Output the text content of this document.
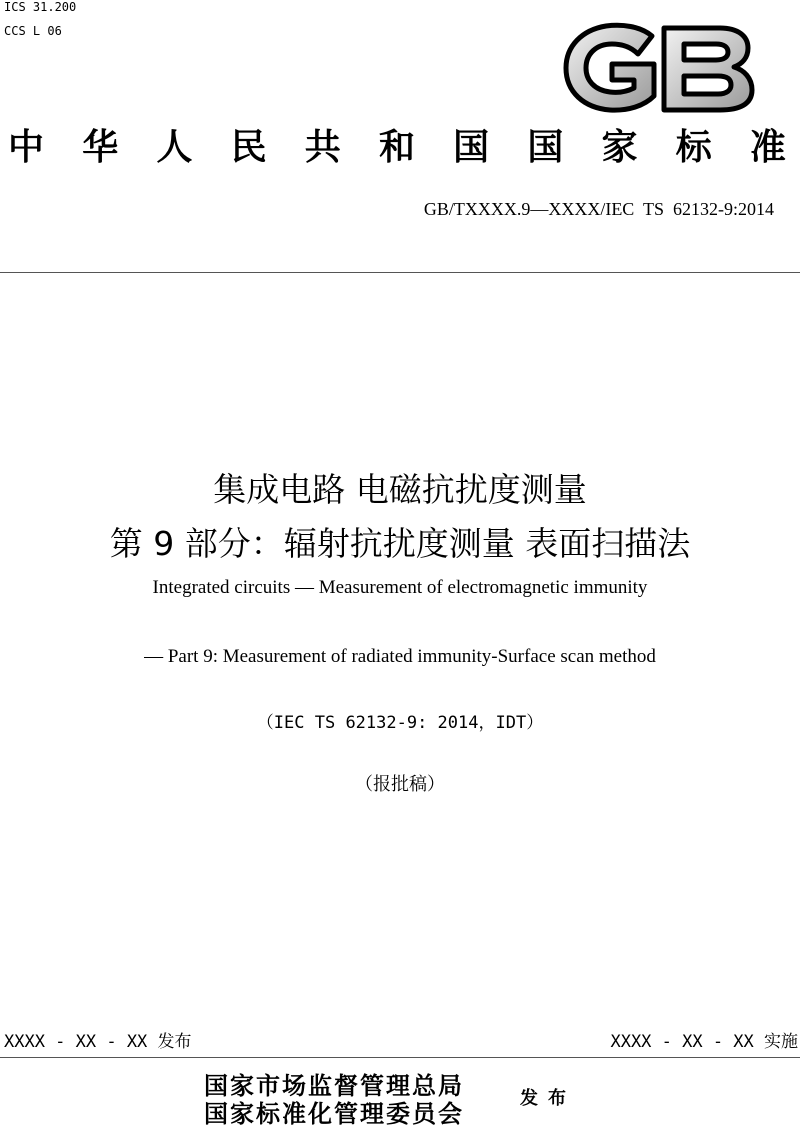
ICS 31.200
CCS L 06
中 华 人 民 共 和 国 国 家 标 准
GB/TXXXX.9—XXXX/IEC  TS  62132-9:2014
集成电路 电磁抗扰度测量
第 9 部分：辐射抗扰度测量 表面扫描法
Integrated circuits — Measurement of electromagnetic immunity
— Part 9: Measurement of radiated immunity-Surface scan method
（IEC TS 62132-9: 2014，IDT）
（报批稿）
XXXX - XX - XX 发布	XXXX - XX - XX 实施
国家市场监督管理总局
国家标准化管理委员会
发布
